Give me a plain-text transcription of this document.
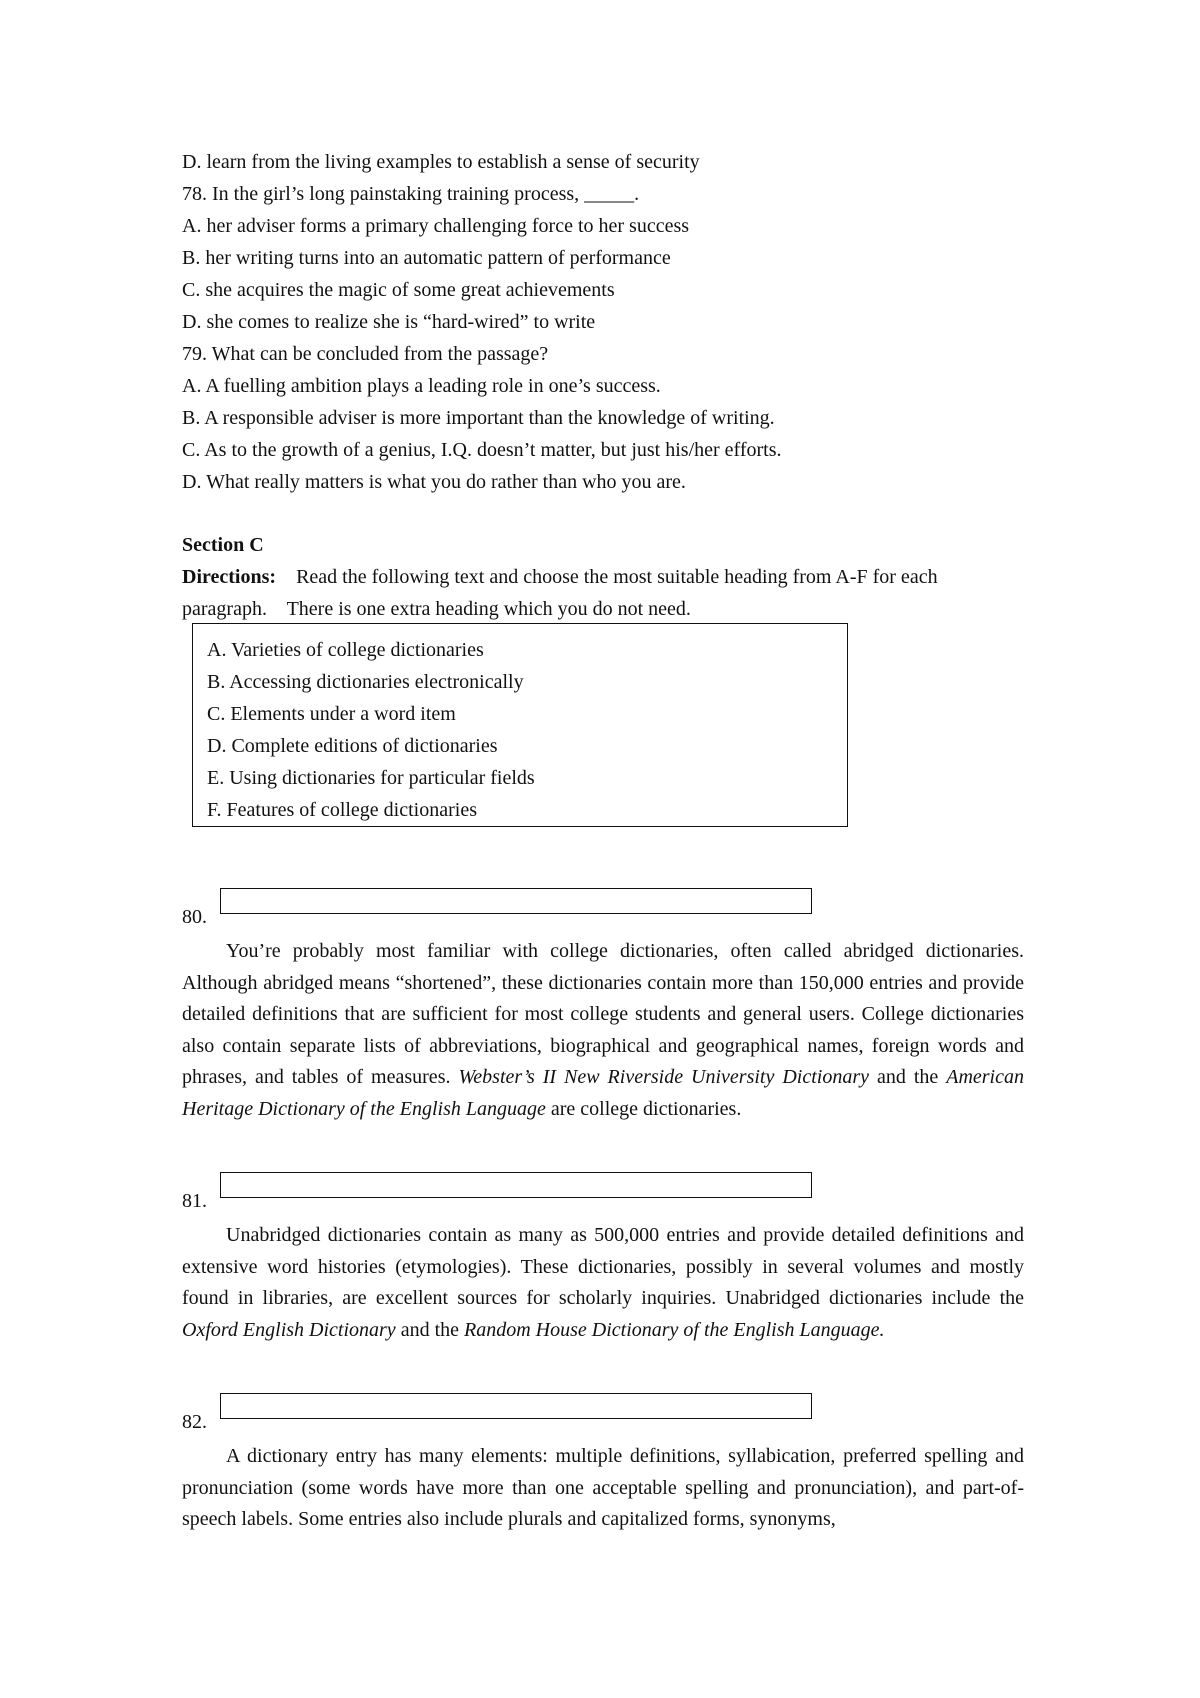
D. learn from the living examples to establish a sense of security
78. In the girl’s long painstaking training process, _____.
A. her adviser forms a primary challenging force to her success
B. her writing turns into an automatic pattern of performance
C. she acquires the magic of some great achievements
D. she comes to realize she is “hard-wired” to write
79. What can be concluded from the passage?
A. A fuelling ambition plays a leading role in one’s success.
B. A responsible adviser is more important than the knowledge of writing.
C. As to the growth of a genius, I.Q. doesn’t matter, but just his/her efforts.
D. What really matters is what you do rather than who you are.
Section C
Directions: Read the following text and choose the most suitable heading from A-F for each
paragraph.    There is one extra heading which you do not need.
A. Varieties of college dictionaries
B. Accessing dictionaries electronically
C. Elements under a word item
D. Complete editions of dictionaries
E. Using dictionaries for particular fields
F. Features of college dictionaries
80.
You’re probably most familiar with college dictionaries, often called abridged dictionaries. Although abridged means “shortened”, these dictionaries contain more than 150,000 entries and provide detailed definitions that are sufficient for most college students and general users. College dictionaries also contain separate lists of abbreviations, biographical and geographical names, foreign words and phrases, and tables of measures. Webster’s II New Riverside University Dictionary and the American Heritage Dictionary of the English Language are college dictionaries.
81.
Unabridged dictionaries contain as many as 500,000 entries and provide detailed definitions and extensive word histories (etymologies). These dictionaries, possibly in several volumes and mostly found in libraries, are excellent sources for scholarly inquiries. Unabridged dictionaries include the Oxford English Dictionary and the Random House Dictionary of the English Language.
82.
A dictionary entry has many elements: multiple definitions, syllabication, preferred spelling and pronunciation (some words have more than one acceptable spelling and pronunciation), and part-of-speech labels. Some entries also include plurals and capitalized forms, synonyms,
